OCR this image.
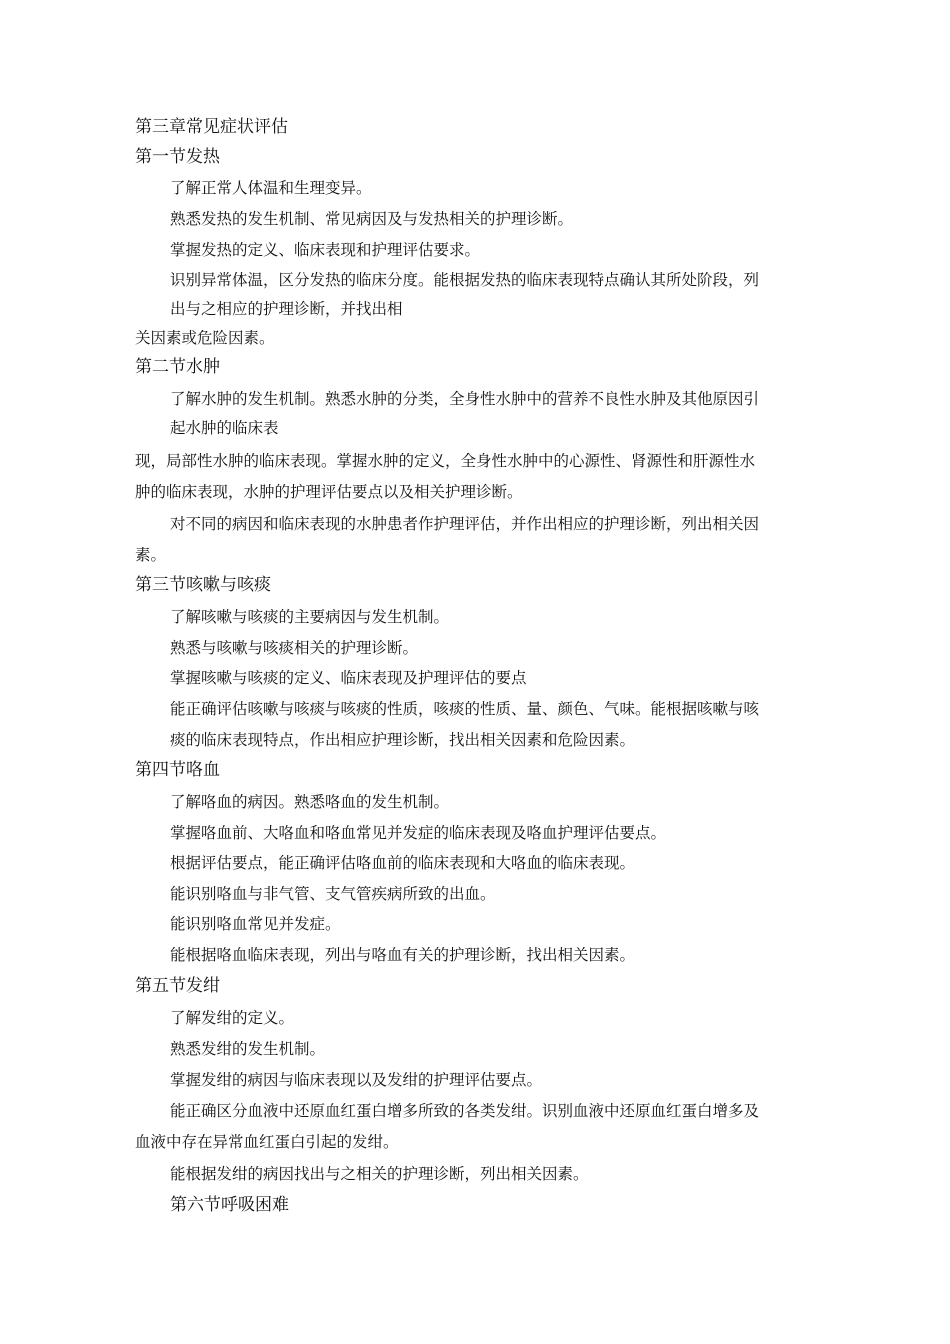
第三章常见症状评估
第一节发热
了解正常人体温和生理变异。
熟悉发热的发生机制、常见病因及与发热相关的护理诊断。
掌握发热的定义、临床表现和护理评估要求。
识别异常体温，区分发热的临床分度。能根据发热的临床表现特点确认其所处阶段，列
出与之相应的护理诊断，并找出相
关因素或危险因素。
第二节水肿
了解水肿的发生机制。熟悉水肿的分类，全身性水肿中的营养不良性水肿及其他原因引
起水肿的临床表
现，局部性水肿的临床表现。掌握水肿的定义，全身性水肿中的心源性、肾源性和肝源性水
肿的临床表现，水肿的护理评估要点以及相关护理诊断。
对不同的病因和临床表现的水肿患者作护理评估，并作出相应的护理诊断，列出相关因
素。
第三节咳嗽与咳痰
了解咳嗽与咳痰的主要病因与发生机制。
熟悉与咳嗽与咳痰相关的护理诊断。
掌握咳嗽与咳痰的定义、临床表现及护理评估的要点
能正确评估咳嗽与咳痰与咳痰的性质，咳痰的性质、量、颜色、气味。能根据咳嗽与咳
痰的临床表现特点，作出相应护理诊断，找出相关因素和危险因素。
第四节咯血
了解咯血的病因。熟悉咯血的发生机制。
掌握咯血前、大咯血和咯血常见并发症的临床表现及咯血护理评估要点。
根据评估要点，能正确评估咯血前的临床表现和大咯血的临床表现。
能识别咯血与非气管、支气管疾病所致的出血。
能识别咯血常见并发症。
能根据咯血临床表现，列出与咯血有关的护理诊断，找出相关因素。
第五节发绀
了解发绀的定义。
熟悉发绀的发生机制。
掌握发绀的病因与临床表现以及发绀的护理评估要点。
能正确区分血液中还原血红蛋白增多所致的各类发绀。识别血液中还原血红蛋白增多及
血液中存在异常血红蛋白引起的发绀。
能根据发绀的病因找出与之相关的护理诊断，列出相关因素。
第六节呼吸困难
